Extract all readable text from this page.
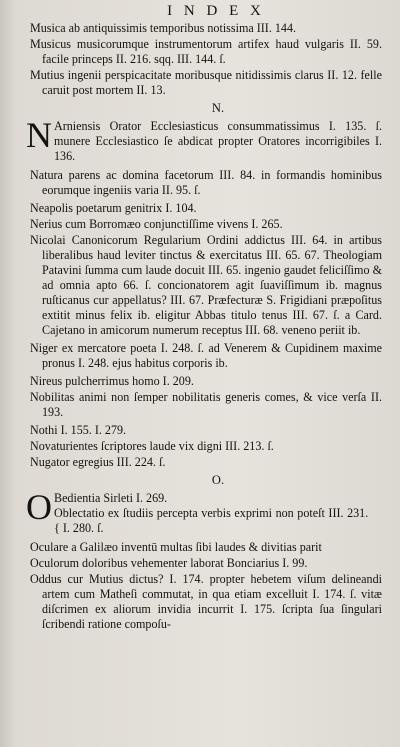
I N D E X

Musica ab antiquissimis temporibus notissima III. 144.

Musicus musicorumque instrumentorum artifex haud vulgaris II. 59. facile princeps II. 216. sqq. III. 144. ſ.

Mutius ingenii perspicacitate moribusque nitidissimis clarus II. 12. felle caruit post mortem II. 13.

N.

N Arniensis Orator Ecclesiasticus consummatissimus I. 135. ſ. munere Ecclesiastico ſe abdicat propter Oratores incorrigibiles I. 136.

Natura parens ac domina facetorum III. 84. in formandis hominibus eorumque ingeniis varia II. 95. ſ.

Neapolis poetarum genitrix I. 104.

Nerius cum Borromæo conjunctiſſime vivens I. 265.

Nicolai Canonicorum Regularium Ordini addictus III. 64. in artibus liberalibus haud leviter tinctus & exercitatus III. 65. 67. Theologiam Patavini ſumma cum laude docuit III. 65. ingenio gaudet feliciſſimo & ad omnia apto 66. ſ. concionatorem agit ſuaviſſimum ib. magnus ruſticanus cur appellatus? III. 67. Præfecturæ S. Frigidiani præpoſitus extitit minus felix ib. eligitur Abbas titulo tenus III. 67. ſ. a Card. Cajetano in amicorum numerum receptus III. 68. veneno periit ib.

Niger ex mercatore poeta I. 248. ſ. ad Venerem & Cupidinem maxime pronus I. 248. ejus habitus corporis ib.

Nireus pulcherrimus homo I. 209.

Nobilitas animi non ſemper nobilitatis generis comes, & vice verſa II. 193.

Nothi I. 155. I. 279.

Novaturientes ſcriptores laude vix digni III. 213. ſ.

Nugator egregius III. 224. ſ.

O.

O Bedientia Sirleti I. 269.
Oblectatio ex ſtudiis percepta verbis exprimi non poteſt III. 231.     { I. 280. ſ.

Oculare a Galilæo inventū multas ſibi laudes & divitias parit

Oculorum doloribus vehementer laborat Bonciarius I. 99.

Oddus cur Mutius dictus? I. 174. propter hebetem viſum delineandi artem cum Matheſi commutat, in qua etiam excelluit I. 174. ſ. vitæ diſcrimen ex aliorum invidia incurrit I. 175. ſcripta ſua ſingulari ſcribendi ratione compoſu-
